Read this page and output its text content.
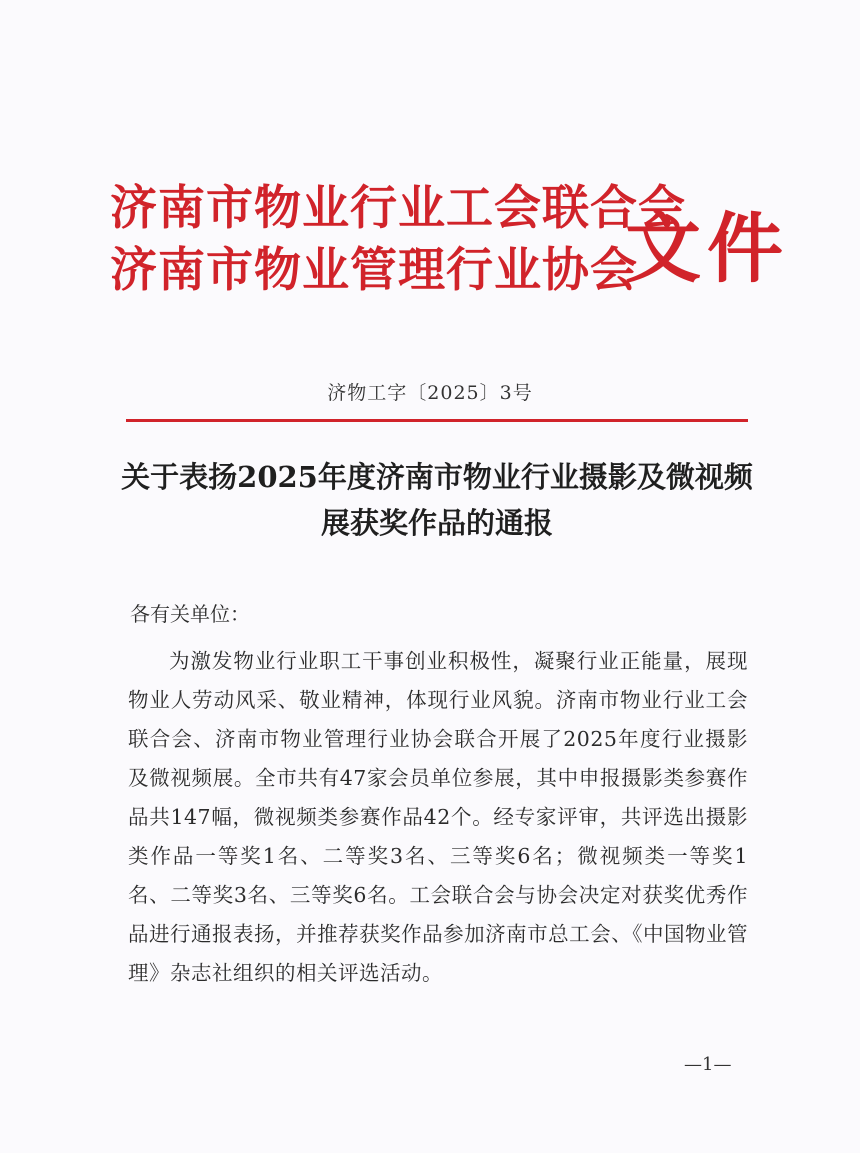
济南市物业行业工会联合会
济南市物业管理行业协会
文件
济物工字〔2025〕3号
关于表扬2025年度济南市物业行业摄影及微视频展获奖作品的通报
各有关单位：
为激发物业行业职工干事创业积极性，凝聚行业正能量，展现物业人劳动风采、敬业精神，体现行业风貌。济南市物业行业工会联合会、济南市物业管理行业协会联合开展了2025年度行业摄影及微视频展。全市共有47家会员单位参展，其中申报摄影类参赛作品共147幅，微视频类参赛作品42个。经专家评审，共评选出摄影类作品一等奖1名、二等奖3名、三等奖6名；微视频类一等奖1名、二等奖3名、三等奖6名。工会联合会与协会决定对获奖优秀作品进行通报表扬，并推荐获奖作品参加济南市总工会、《中国物业管理》杂志社组织的相关评选活动。
—1—
